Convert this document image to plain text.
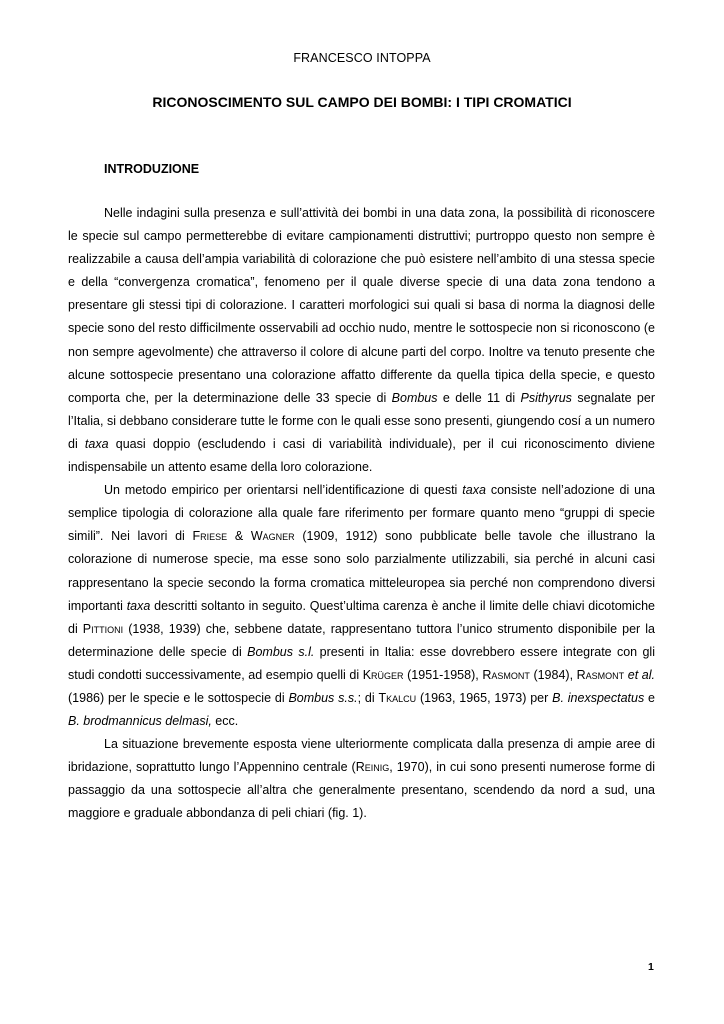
FRANCESCO INTOPPA
RICONOSCIMENTO SUL CAMPO DEI BOMBI: I TIPI CROMATICI
INTRODUZIONE

Nelle indagini sulla presenza e sull’attività dei bombi in una data zona, la possibilità di riconoscere le specie sul campo permetterebbe di evitare campionamenti distruttivi; purtroppo questo non sempre è realizzabile a causa dell’ampia variabilità di colorazione che può esistere nell’ambito di una stessa specie e della “convergenza cromatica”, fenomeno per il quale diverse specie di una data zona tendono a presentare gli stessi tipi di colorazione. I caratteri morfologici sui quali si basa di norma la diagnosi delle specie sono del resto difficilmente osservabili ad occhio nudo, mentre le sottospecie non si riconoscono (e non sempre agevolmente) che attraverso il colore di alcune parti del corpo. Inoltre va tenuto presente che alcune sottospecie presentano una colorazione affatto differente da quella tipica della specie, e questo comporta che, per la determinazione delle 33 specie di Bombus e delle 11 di Psithyrus segnalate per l’Italia, si debbano considerare tutte le forme con le quali esse sono presenti, giungendo cosí a un numero di taxa quasi doppio (escludendo i casi di variabilità individuale), per il cui riconoscimento diviene indispensabile un attento esame della loro colorazione.

Un metodo empirico per orientarsi nell’identificazione di questi taxa consiste nell’adozione di una semplice tipologia di colorazione alla quale fare riferimento per formare quanto meno “gruppi di specie simili”. Nei lavori di Friese & Wagner (1909, 1912) sono pubblicate belle tavole che illustrano la colorazione di numerose specie, ma esse sono solo parzialmente utilizzabili, sia perché in alcuni casi rappresentano la specie secondo la forma cromatica mitteleuropea sia perché non comprendono diversi importanti taxa descritti soltanto in seguito. Quest’ultima carenza è anche il limite delle chiavi dicotomiche di Pittioni (1938, 1939) che, sebbene datate, rappresentano tuttora l’unico strumento disponibile per la determinazione delle specie di Bombus s.l. presenti in Italia: esse dovrebbero essere integrate con gli studi condotti successivamente, ad esempio quelli di Krüger (1951-1958), Rasmont (1984), Rasmont et al. (1986) per le specie e le sottospecie di Bombus s.s.; di Tkalcu (1963, 1965, 1973) per B. inexspectatus e B. brodmannicus delmasi, ecc.

La situazione brevemente esposta viene ulteriormente complicata dalla presenza di ampie aree di ibridazione, soprattutto lungo l’Appennino centrale (Reinig, 1970), in cui sono presenti numerose forme di passaggio da una sottospecie all’altra che generalmente presentano, scendendo da nord a sud, una maggiore e graduale abbondanza di peli chiari (fig. 1).

1
